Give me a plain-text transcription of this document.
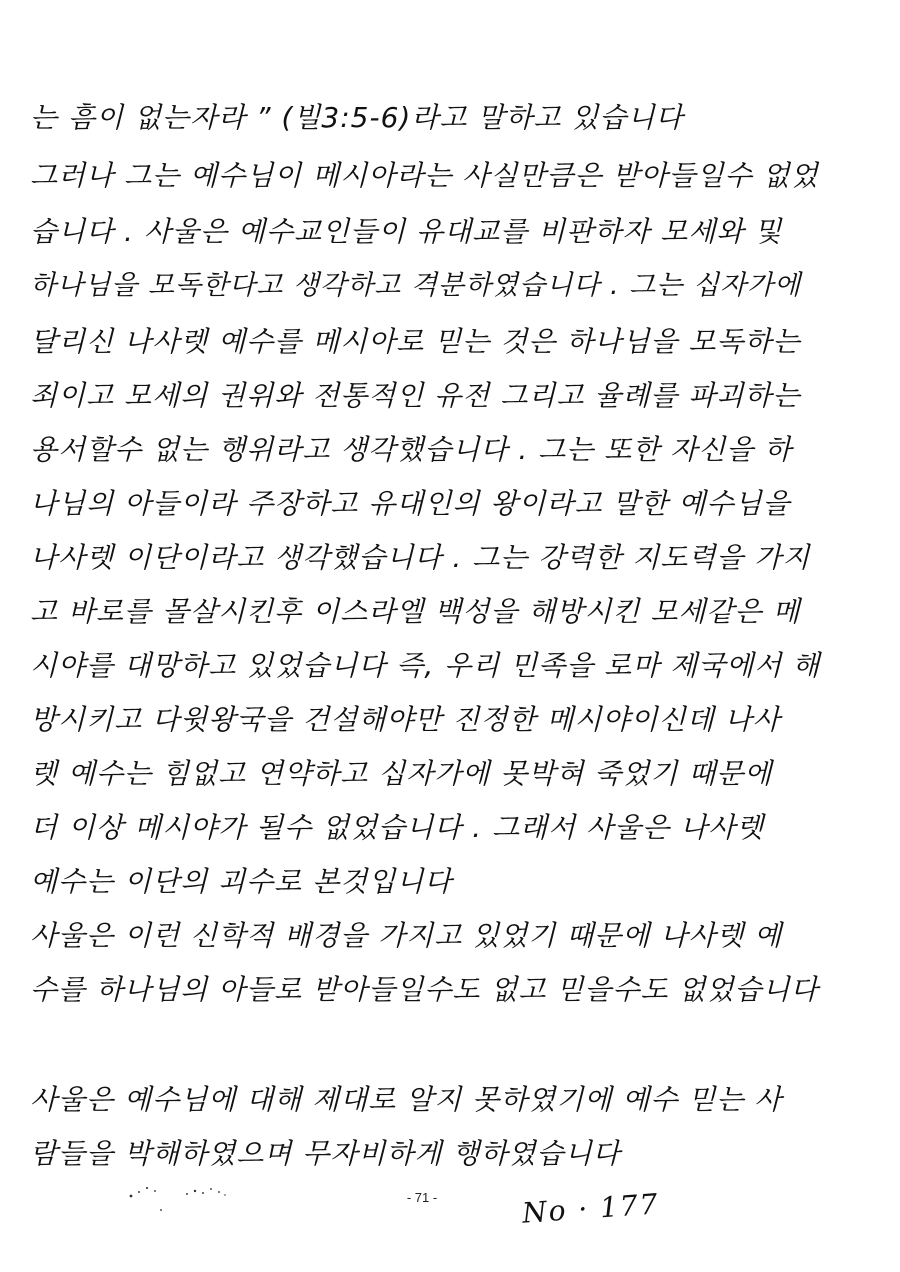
는 흠이 없는자라 ” (빌3:5-6)라고 말하고 있습니다
그러나 그는 예수님이 메시아라는 사실만큼은 받아들일수 없었
습니다 . 사울은 예수교인들이 유대교를 비판하자 모세와 및
하나님을 모독한다고 생각하고 격분하였습니다 . 그는 십자가에
달리신 나사렛 예수를 메시아로 믿는 것은 하나님을 모독하는
죄이고 모세의 권위와 전통적인 유전 그리고 율례를 파괴하는
용서할수 없는 행위라고 생각했습니다 . 그는 또한 자신을 하
나님의 아들이라 주장하고 유대인의 왕이라고 말한 예수님을
나사렛 이단이라고 생각했습니다 . 그는 강력한 지도력을 가지
고 바로를 몰살시킨후 이스라엘 백성을 해방시킨 모세같은 메
시야를 대망하고 있었습니다 즉, 우리 민족을 로마 제국에서 해
방시키고 다윗왕국을 건설해야만 진정한 메시야이신데 나사
렛 예수는 힘없고 연약하고 십자가에 못박혀 죽었기 때문에
더 이상 메시야가 될수 없었습니다 . 그래서 사울은 나사렛
예수는 이단의 괴수로 본것입니다
사울은 이런 신학적 배경을 가지고 있었기 때문에 나사렛 예
수를 하나님의 아들로 받아들일수도 없고 믿을수도 없었습니다
사울은 예수님에 대해 제대로 알지 못하였기에 예수 믿는 사
람들을 박해하였으며 무자비하게 행하였습니다
- 71 -	No · 177
